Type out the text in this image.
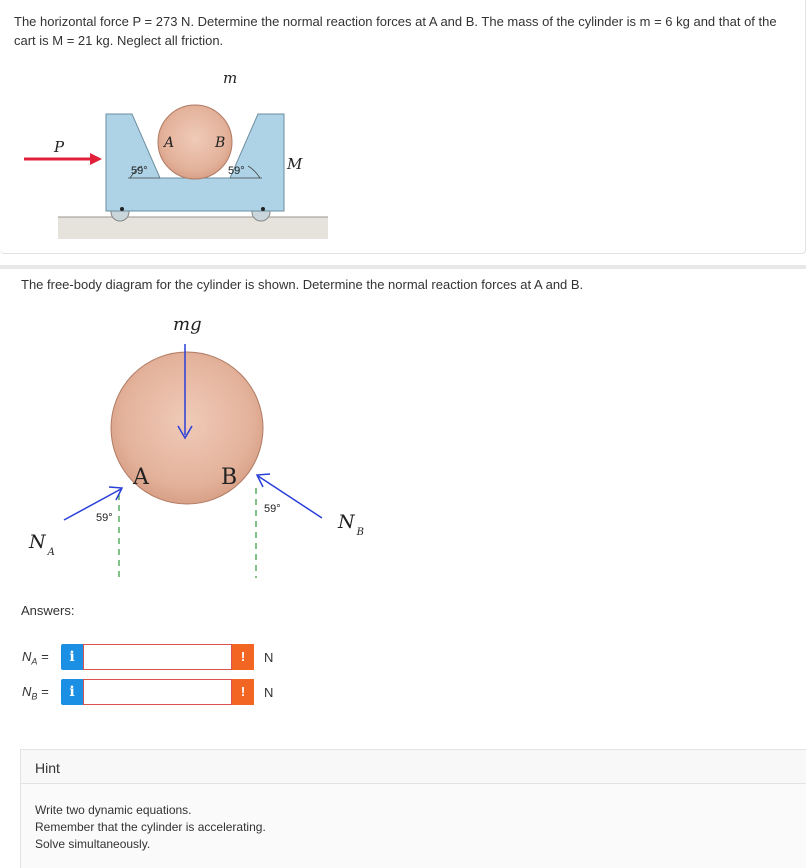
The horizontal force P = 273 N. Determine the normal reaction forces at A and B. The mass of the cylinder is m = 6 kg and that of the cart is M = 21 kg. Neglect all friction.
P
m
A	B
M
59°	59°
The free-body diagram for the cylinder is shown. Determine the normal reaction forces at A and B.
mg
A	B
59°
59°
N $_A$
N $_B$
Answers:
$N_A$ =	i	!	N
$N_B$ =	i	!	N
Hint
Write two dynamic equations.
Remember that the cylinder is accelerating.
Solve simultaneously.
